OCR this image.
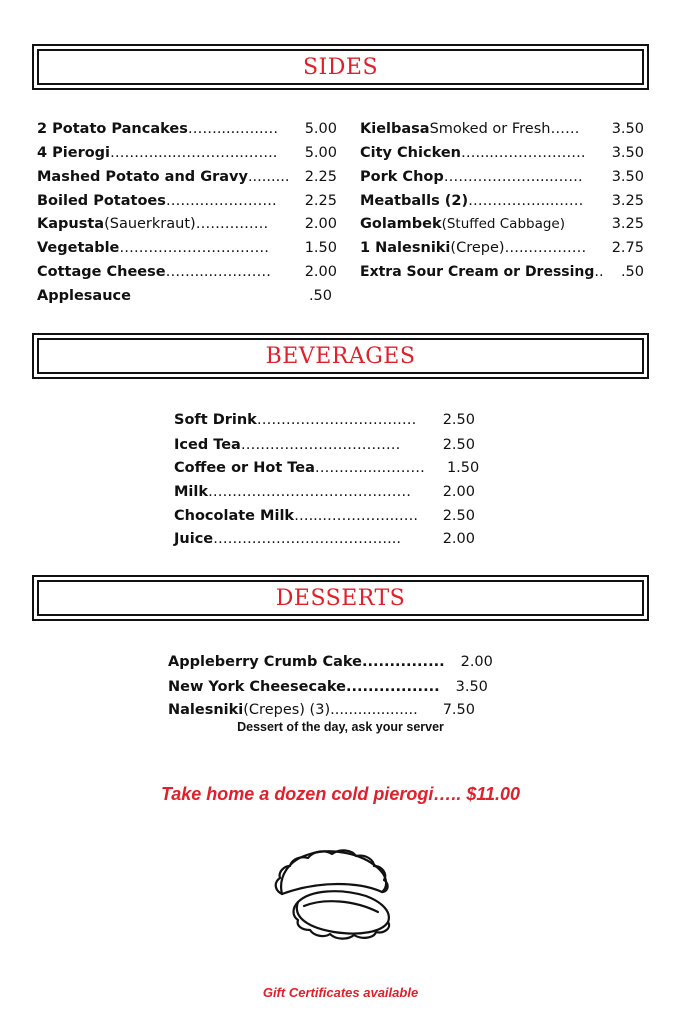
SIDES
2 Potato Pancakes …….....…..…	5.00
4 Pierogi ……….....………….……..	5.00
Mashed Potato and Gravy .........	2.25
Boiled Potatoes …….…………….	2.25
Kapusta (Sauerkraut) ……………	2.00
Vegetable …………………….……	1.50
Cottage Cheese ……....…………	2.00
Applesauce	.50
Kielbasa Smoked or Fresh ……	3.50
City Chicken …....……………….	3.50
Pork Chop ……………….....……	3.50
Meatballs (2) ……………...……	3.25
Golambek (Stuffed Cabbage)	3.25
1 Nalesniki (Crepe) …..…………	2.75
Extra Sour Cream or Dressing ..	.50
BEVERAGES
Soft Drink ……………………………	2.50
Iced Tea ……………………………	2.50
Coffee or Hot Tea ……….....……… 1.50
Milk ……………………………………	2.00
Chocolate Milk …....…………...…. 2.50
Juice ………………………………...	2.00
DESSERTS
Appleberry Crumb Cake ............... 2.00
New York Cheesecake ................. 3.50
Nalesniki (Crepes) (3) ...................	7.50
Dessert of the day, ask your server
Take home a dozen cold pierogi….. $11.00
Gift Certificates available
